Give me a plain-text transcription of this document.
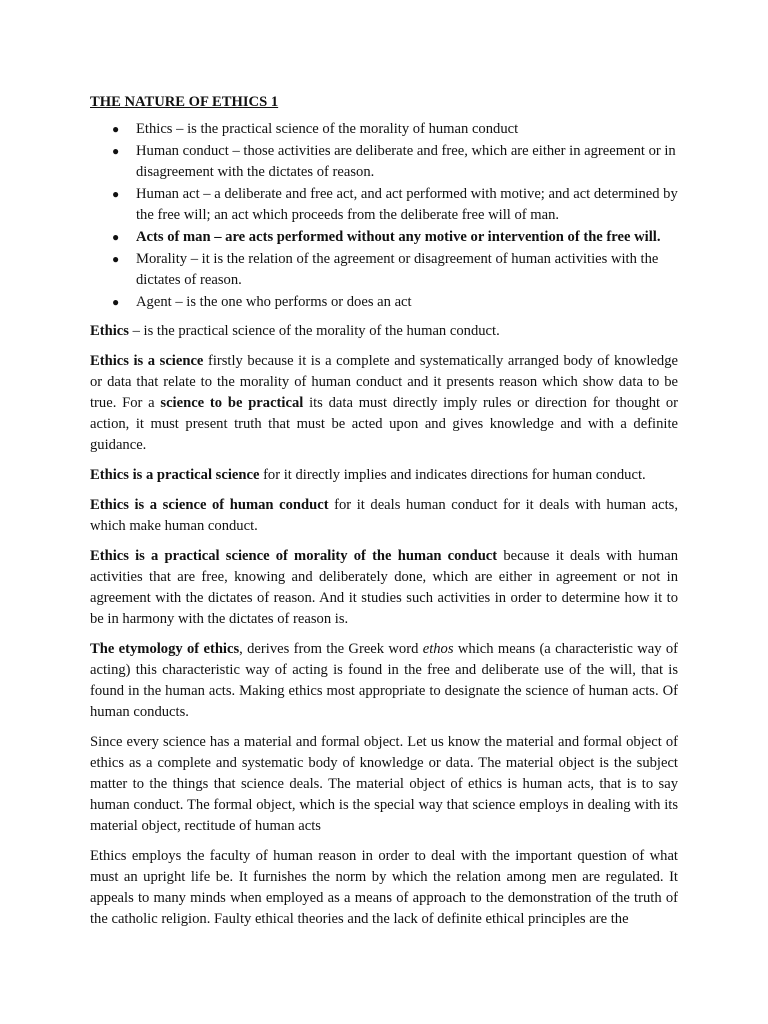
THE NATURE OF ETHICS 1
● Ethics – is the practical science of the morality of human conduct
● Human conduct – those activities are deliberate and free, which are either in agreement or in disagreement with the dictates of reason.
● Human act – a deliberate and free act, and act performed with motive; and act determined by the free will; an act which proceeds from the deliberate free will of man.
● Acts of man – are acts performed without any motive or intervention of the free will.
● Morality – it is the relation of the agreement or disagreement of human activities with the dictates of reason.
● Agent – is the one who performs or does an act

Ethics – is the practical science of the morality of the human conduct.

Ethics is a science firstly because it is a complete and systematically arranged body of knowledge or data that relate to the morality of human conduct and it presents reason which show data to be true. For a science to be practical its data must directly imply rules or direction for thought or action, it must present truth that must be acted upon and gives knowledge and with a definite guidance.

Ethics is a practical science for it directly implies and indicates directions for human conduct.

Ethics is a science of human conduct for it deals human conduct for it deals with human acts, which make human conduct.

Ethics is a practical science of morality of the human conduct because it deals with human activities that are free, knowing and deliberately done, which are either in agreement or not in agreement with the dictates of reason. And it studies such activities in order to determine how it to be in harmony with the dictates of reason is.

The etymology of ethics, derives from the Greek word ethos which means (a characteristic way of acting) this characteristic way of acting is found in the free and deliberate use of the will, that is found in the human acts. Making ethics most appropriate to designate the science of human acts. Of human conducts.

Since every science has a material and formal object. Let us know the material and formal object of ethics as a complete and systematic body of knowledge or data. The material object is the subject matter to the things that science deals. The material object of ethics is human acts, that is to say human conduct. The formal object, which is the special way that science employs in dealing with its material object, rectitude of human acts

Ethics employs the faculty of human reason in order to deal with the important question of what must an upright life be. It furnishes the norm by which the relation among men are regulated. It appeals to many minds when employed as a means of approach to the demonstration of the truth of the catholic religion. Faulty ethical theories and the lack of definite ethical principles are the
